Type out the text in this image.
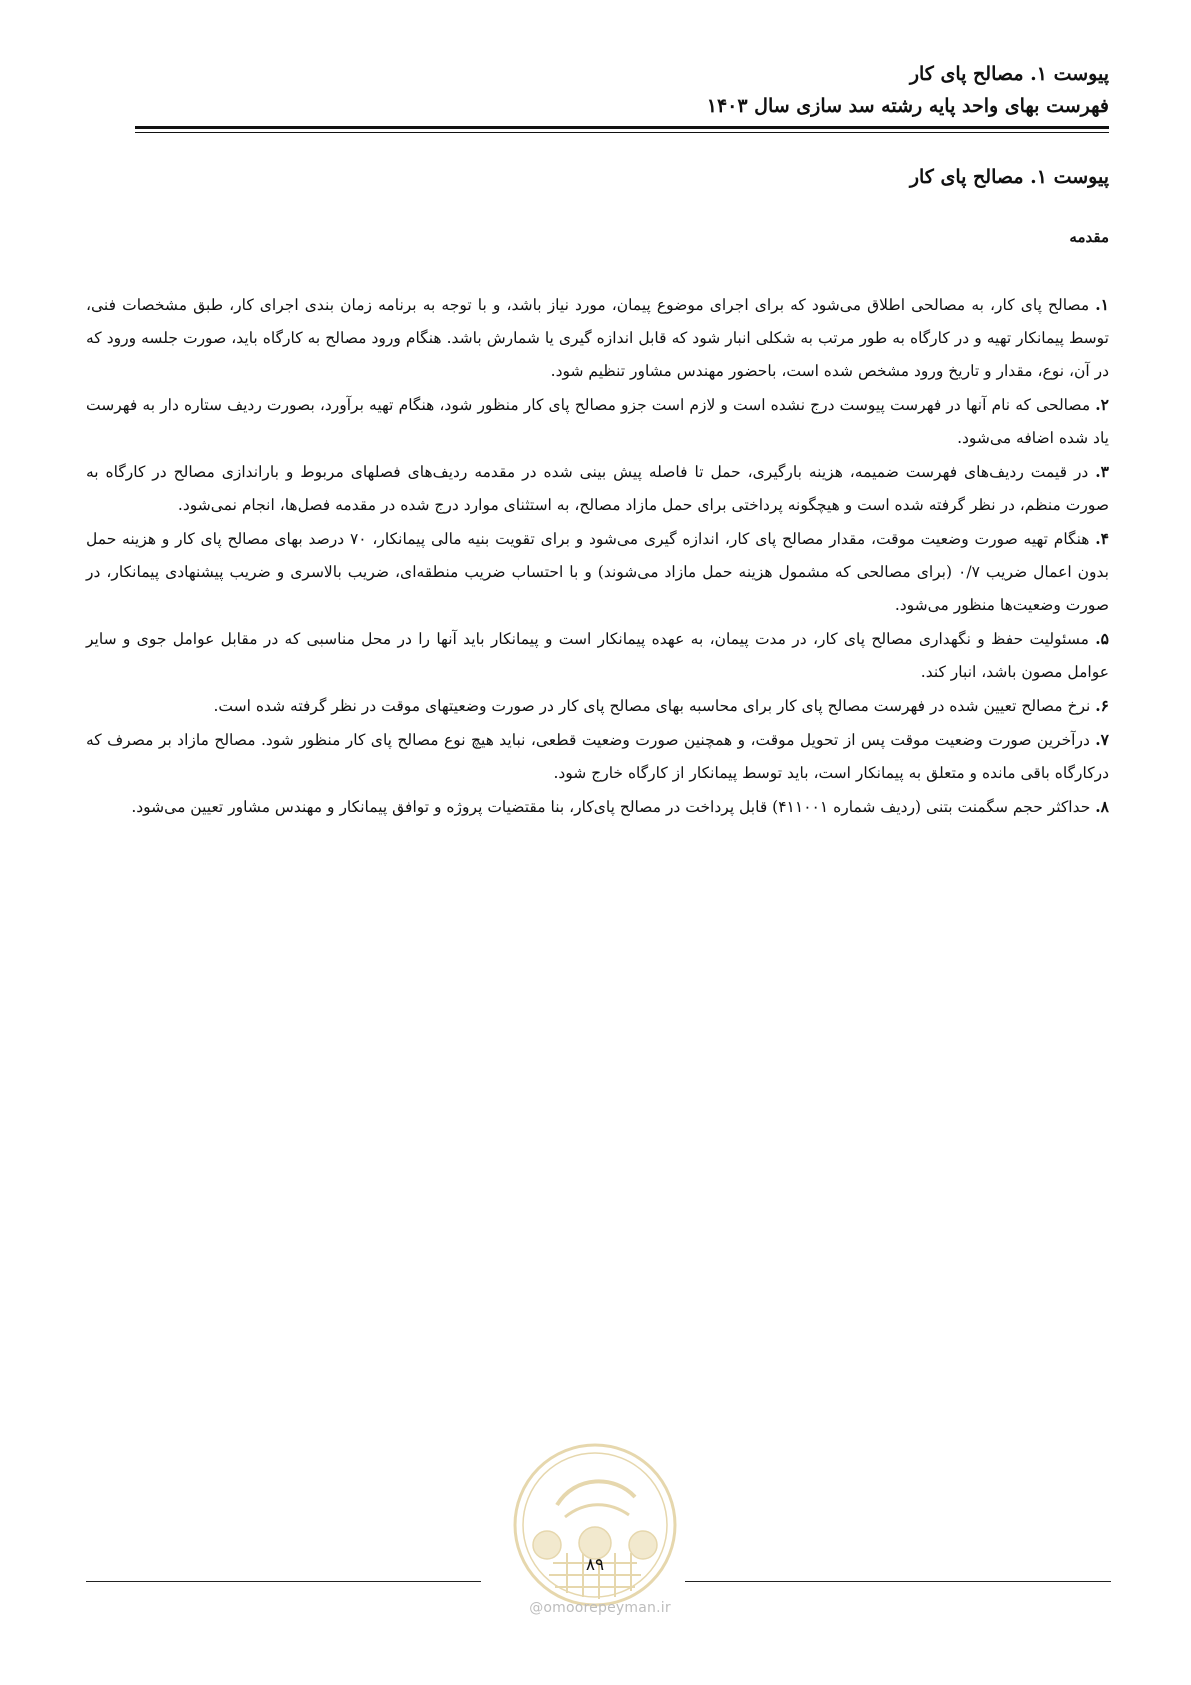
پیوست ۱. مصالح پای کار
فهرست بهای واحد پایه رشته سد سازی سال ۱۴۰۳
پیوست ۱. مصالح پای کار
مقدمه

۱. مصالح پای کار، به مصالحی اطلاق می‌شود که برای اجرای موضوع پیمان، مورد نیاز باشد، و با توجه به برنامه زمان بندی اجرای کار، طبق مشخصات فنی، توسط پیمانکار تهیه و در کارگاه به طور مرتب به شکلی انبار شود که قابل اندازه گیری یا شمارش باشد. هنگام ورود مصالح به کارگاه باید، صورت جلسه ورود که در آن، نوع، مقدار و تاریخ ورود مشخص شده است، باحضور مهندس مشاور تنظیم شود.

۲. مصالحی که نام آنها در فهرست پیوست درج نشده است و لازم است جزو مصالح پای کار منظور شود، هنگام تهیه برآورد، بصورت ردیف ستاره دار به فهرست یاد شده اضافه می‌شود.

۳. در قیمت ردیف‌های فهرست ضمیمه، هزینه بارگیری، حمل تا فاصله پیش بینی شده در مقدمه ردیف‌های فصلهای مربوط و باراندازی مصالح در کارگاه به صورت منظم، در نظر گرفته شده است و هیچگونه پرداختی برای حمل مازاد مصالح، به استثنای موارد درج شده در مقدمه فصل‌ها، انجام نمی‌شود.

۴. هنگام تهیه صورت وضعیت موقت، مقدار مصالح پای کار، اندازه گیری می‌شود و برای تقویت بنیه مالی پیمانکار، ۷۰ درصد بهای مصالح پای کار و هزینه حمل بدون اعمال ضریب ۰/۷ (برای مصالحی که مشمول هزینه حمل مازاد می‌شوند) و با احتساب ضریب منطقه‌ای، ضریب بالاسری و ضریب پیشنهادی پیمانکار، در صورت وضعیت‌ها منظور می‌شود.

۵. مسئولیت حفظ و نگهداری مصالح پای کار، در مدت پیمان، به عهده پیمانکار است و پیمانکار باید آنها را در محل مناسبی که در مقابل عوامل جوی و سایر عوامل مصون باشد، انبار کند.

۶. نرخ مصالح تعیین شده در فهرست مصالح پای کار برای محاسبه بهای مصالح پای کار در صورت وضعیتهای موقت در نظر گرفته شده است.

۷. درآخرین صورت وضعیت موقت پس از تحویل موقت، و همچنین صورت وضعیت قطعی، نباید هیچ نوع مصالح پای کار منظور شود. مصالح مازاد بر مصرف که درکارگاه باقی مانده و متعلق به پیمانکار است، باید توسط پیمانکار از کارگاه خارج شود.

۸. حداکثر حجم سگمنت بتنی (ردیف شماره ۴۱۱۰۰۱) قابل پرداخت در مصالح پای‌کار، بنا مقتضیات پروژه و توافق پیمانکار و مهندس مشاور تعیین می‌شود.

۸۹
@omoorepeyman.ir
